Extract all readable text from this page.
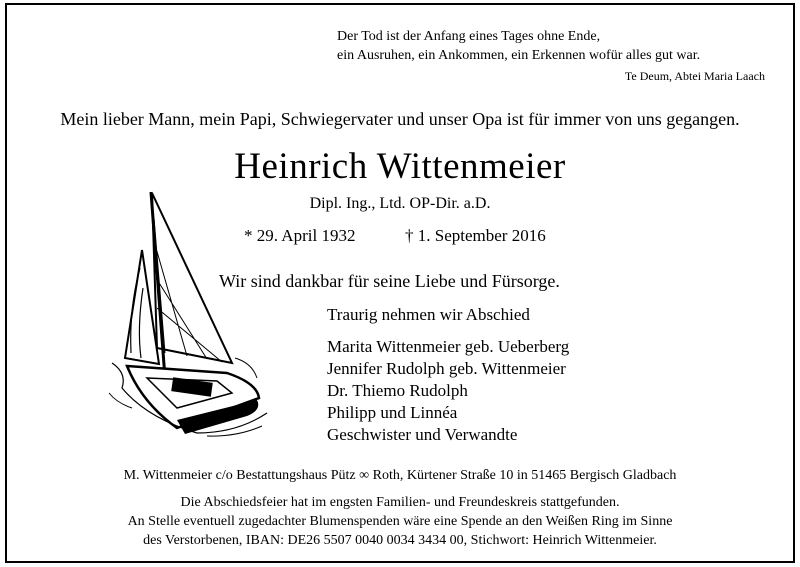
Der Tod ist der Anfang eines Tages ohne Ende,
ein Ausruhen, ein Ankommen, ein Erkennen wofür alles gut war.
Te Deum, Abtei Maria Laach
Mein lieber Mann, mein Papi, Schwiegervater und unser Opa ist für immer von uns gegangen.
Heinrich Wittenmeier
Dipl. Ing., Ltd. OP-Dir. a.D.
* 29. April 1932	† 1. September 2016
Wir sind dankbar für seine Liebe und Fürsorge.
Traurig nehmen wir Abschied
Marita Wittenmeier geb. Ueberberg
Jennifer Rudolph geb. Wittenmeier
Dr. Thiemo Rudolph
Philipp und Linnéa
Geschwister und Verwandte
M. Wittenmeier c/o Bestattungshaus Pütz ∞ Roth, Kürtener Straße 10 in 51465 Bergisch Gladbach
Die Abschiedsfeier hat im engsten Familien- und Freundeskreis stattgefunden.
An Stelle eventuell zugedachter Blumenspenden wäre eine Spende an den Weißen Ring im Sinne
des Verstorbenen, IBAN: DE26 5507 0040 0034 3434 00, Stichwort: Heinrich Wittenmeier.
